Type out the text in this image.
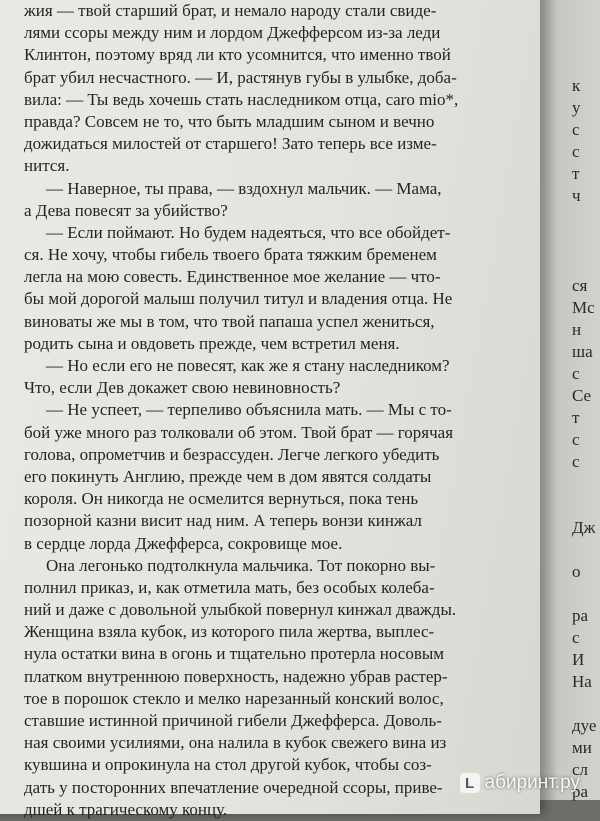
жия — твой старший брат, и немало народу стали свиде-
лями ссоры между ним и лордом Джефферсом из-за леди
Клинтон, поэтому вряд ли кто усомнится, что именно твой
брат убил несчастного. — И, растянув губы в улыбке, доба-
вила: — Ты ведь хочешь стать наследником отца, caro mio*,
правда? Совсем не то, что быть младшим сыном и вечно
дожидаться милостей от старшего! Зато теперь все изме-
нится.
— Наверное, ты права, — вздохнул мальчик. — Мама,
а Дева повесят за убийство?
— Если поймают. Но будем надеяться, что все обойдет-
ся. Не хочу, чтобы гибель твоего брата тяжким бременем
легла на мою совесть. Единственное мое желание — что-
бы мой дорогой малыш получил титул и владения отца. Не
виноваты же мы в том, что твой папаша успел жениться,
родить сына и овдоветь прежде, чем встретил меня.
— Но если его не повесят, как же я стану наследником?
Что, если Дев докажет свою невиновность?
— Не успеет, — терпеливо объяснила мать. — Мы с то-
бой уже много раз толковали об этом. Твой брат — горячая
голова, опрометчив и безрассуден. Легче легкого убедить
его покинуть Англию, прежде чем в дом явятся солдаты
короля. Он никогда не осмелится вернуться, пока тень
позорной казни висит над ним. А теперь вонзи кинжал
в сердце лорда Джефферса, сокровище мое.
Она легонько подтолкнула мальчика. Тот покорно вы-
полнил приказ, и, как отметила мать, без особых колеба-
ний и даже с довольной улыбкой повернул кинжал дважды.
Женщина взяла кубок, из которого пила жертва, выплес-
нула остатки вина в огонь и тщательно протерла носовым
платком внутреннюю поверхность, надежно убрав растер-
тое в порошок стекло и мелко нарезанный конский волос,
ставшие истинной причиной гибели Джефферса. Доволь-
ная своими усилиями, она налила в кубок свежего вина из
кувшина и опрокинула на стол другой кубок, чтобы соз-
дать у посторонних впечатление очередной ссоры, приве-
дшей к трагическому концу.
к
у
с
с
т
ч
ся
Мс
н
ша
с
Се
т
с
с
Дж
о
ра
с
И
На
дуе
ми
сл
ра
L абиринт.ру
